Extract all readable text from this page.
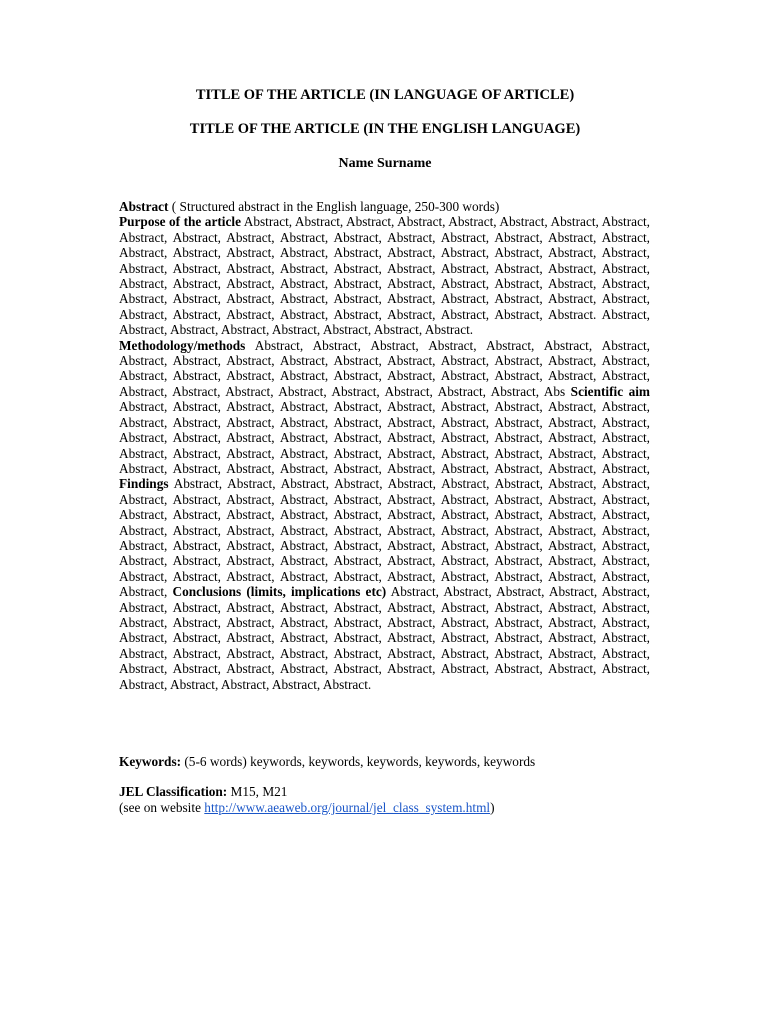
TITLE OF THE ARTICLE (IN LANGUAGE OF ARTICLE)
TITLE OF THE ARTICLE (IN THE ENGLISH LANGUAGE)
Name Surname

Abstract ( Structured abstract in the English language, 250-300 words)

Purpose of the article Abstract, Abstract, Abstract, Abstract, Abstract, Abstract, Abstract, Abstract, Abstract, Abstract, Abstract, Abstract, Abstract, Abstract, Abstract, Abstract, Abstract, Abstract, Abstract, Abstract, Abstract, Abstract, Abstract, Abstract, Abstract, Abstract, Abstract, Abstract, Abstract, Abstract, Abstract, Abstract, Abstract, Abstract, Abstract, Abstract, Abstract, Abstract, Abstract, Abstract, Abstract, Abstract, Abstract, Abstract, Abstract, Abstract, Abstract, Abstract, Abstract, Abstract, Abstract, Abstract, Abstract, Abstract, Abstract, Abstract, Abstract, Abstract, Abstract, Abstract, Abstract, Abstract, Abstract, Abstract, Abstract, Abstract, Abstract. Abstract, Abstract, Abstract, Abstract, Abstract, Abstract, Abstract, Abstract.

Methodology/methods Abstract, Abstract, Abstract, Abstract, Abstract, Abstract, Abstract, Abstract, Abstract, Abstract, Abstract, Abstract, Abstract, Abstract, Abstract, Abstract, Abstract, Abstract, Abstract, Abstract, Abstract, Abstract, Abstract, Abstract, Abstract, Abstract, Abstract, Abstract, Abstract, Abstract, Abstract, Abstract, Abstract, Abstract, Abstract, Abs Scientific aim Abstract, Abstract, Abstract, Abstract, Abstract, Abstract, Abstract, Abstract, Abstract, Abstract, Abstract, Abstract, Abstract, Abstract, Abstract, Abstract, Abstract, Abstract, Abstract, Abstract, Abstract, Abstract, Abstract, Abstract, Abstract, Abstract, Abstract, Abstract, Abstract, Abstract, Abstract, Abstract, Abstract, Abstract, Abstract, Abstract, Abstract, Abstract, Abstract, Abstract, Abstract, Abstract, Abstract, Abstract, Abstract, Abstract, Abstract, Abstract, Abstract, Abstract, Findings Abstract, Abstract, Abstract, Abstract, Abstract, Abstract, Abstract, Abstract, Abstract, Abstract, Abstract, Abstract, Abstract, Abstract, Abstract, Abstract, Abstract, Abstract, Abstract, Abstract, Abstract, Abstract, Abstract, Abstract, Abstract, Abstract, Abstract, Abstract, Abstract, Abstract, Abstract, Abstract, Abstract, Abstract, Abstract, Abstract, Abstract, Abstract, Abstract, Abstract, Abstract, Abstract, Abstract, Abstract, Abstract, Abstract, Abstract, Abstract, Abstract, Abstract, Abstract, Abstract, Abstract, Abstract, Abstract, Abstract, Abstract, Abstract, Abstract, Abstract, Abstract, Abstract, Abstract, Abstract, Abstract, Abstract, Abstract, Abstract, Abstract, Abstract, Conclusions (limits, implications etc) Abstract, Abstract, Abstract, Abstract, Abstract, Abstract, Abstract, Abstract, Abstract, Abstract, Abstract, Abstract, Abstract, Abstract, Abstract, Abstract, Abstract, Abstract, Abstract, Abstract, Abstract, Abstract, Abstract, Abstract, Abstract, Abstract, Abstract, Abstract, Abstract, Abstract, Abstract, Abstract, Abstract, Abstract, Abstract, Abstract, Abstract, Abstract, Abstract, Abstract, Abstract, Abstract, Abstract, Abstract, Abstract, Abstract, Abstract, Abstract, Abstract, Abstract, Abstract, Abstract, Abstract, Abstract, Abstract, Abstract, Abstract, Abstract, Abstract, Abstract.

Keywords: (5-6 words) keywords, keywords, keywords, keywords, keywords
JEL Classification: M15, M21
(see on website http://www.aeaweb.org/journal/jel_class_system.html)
